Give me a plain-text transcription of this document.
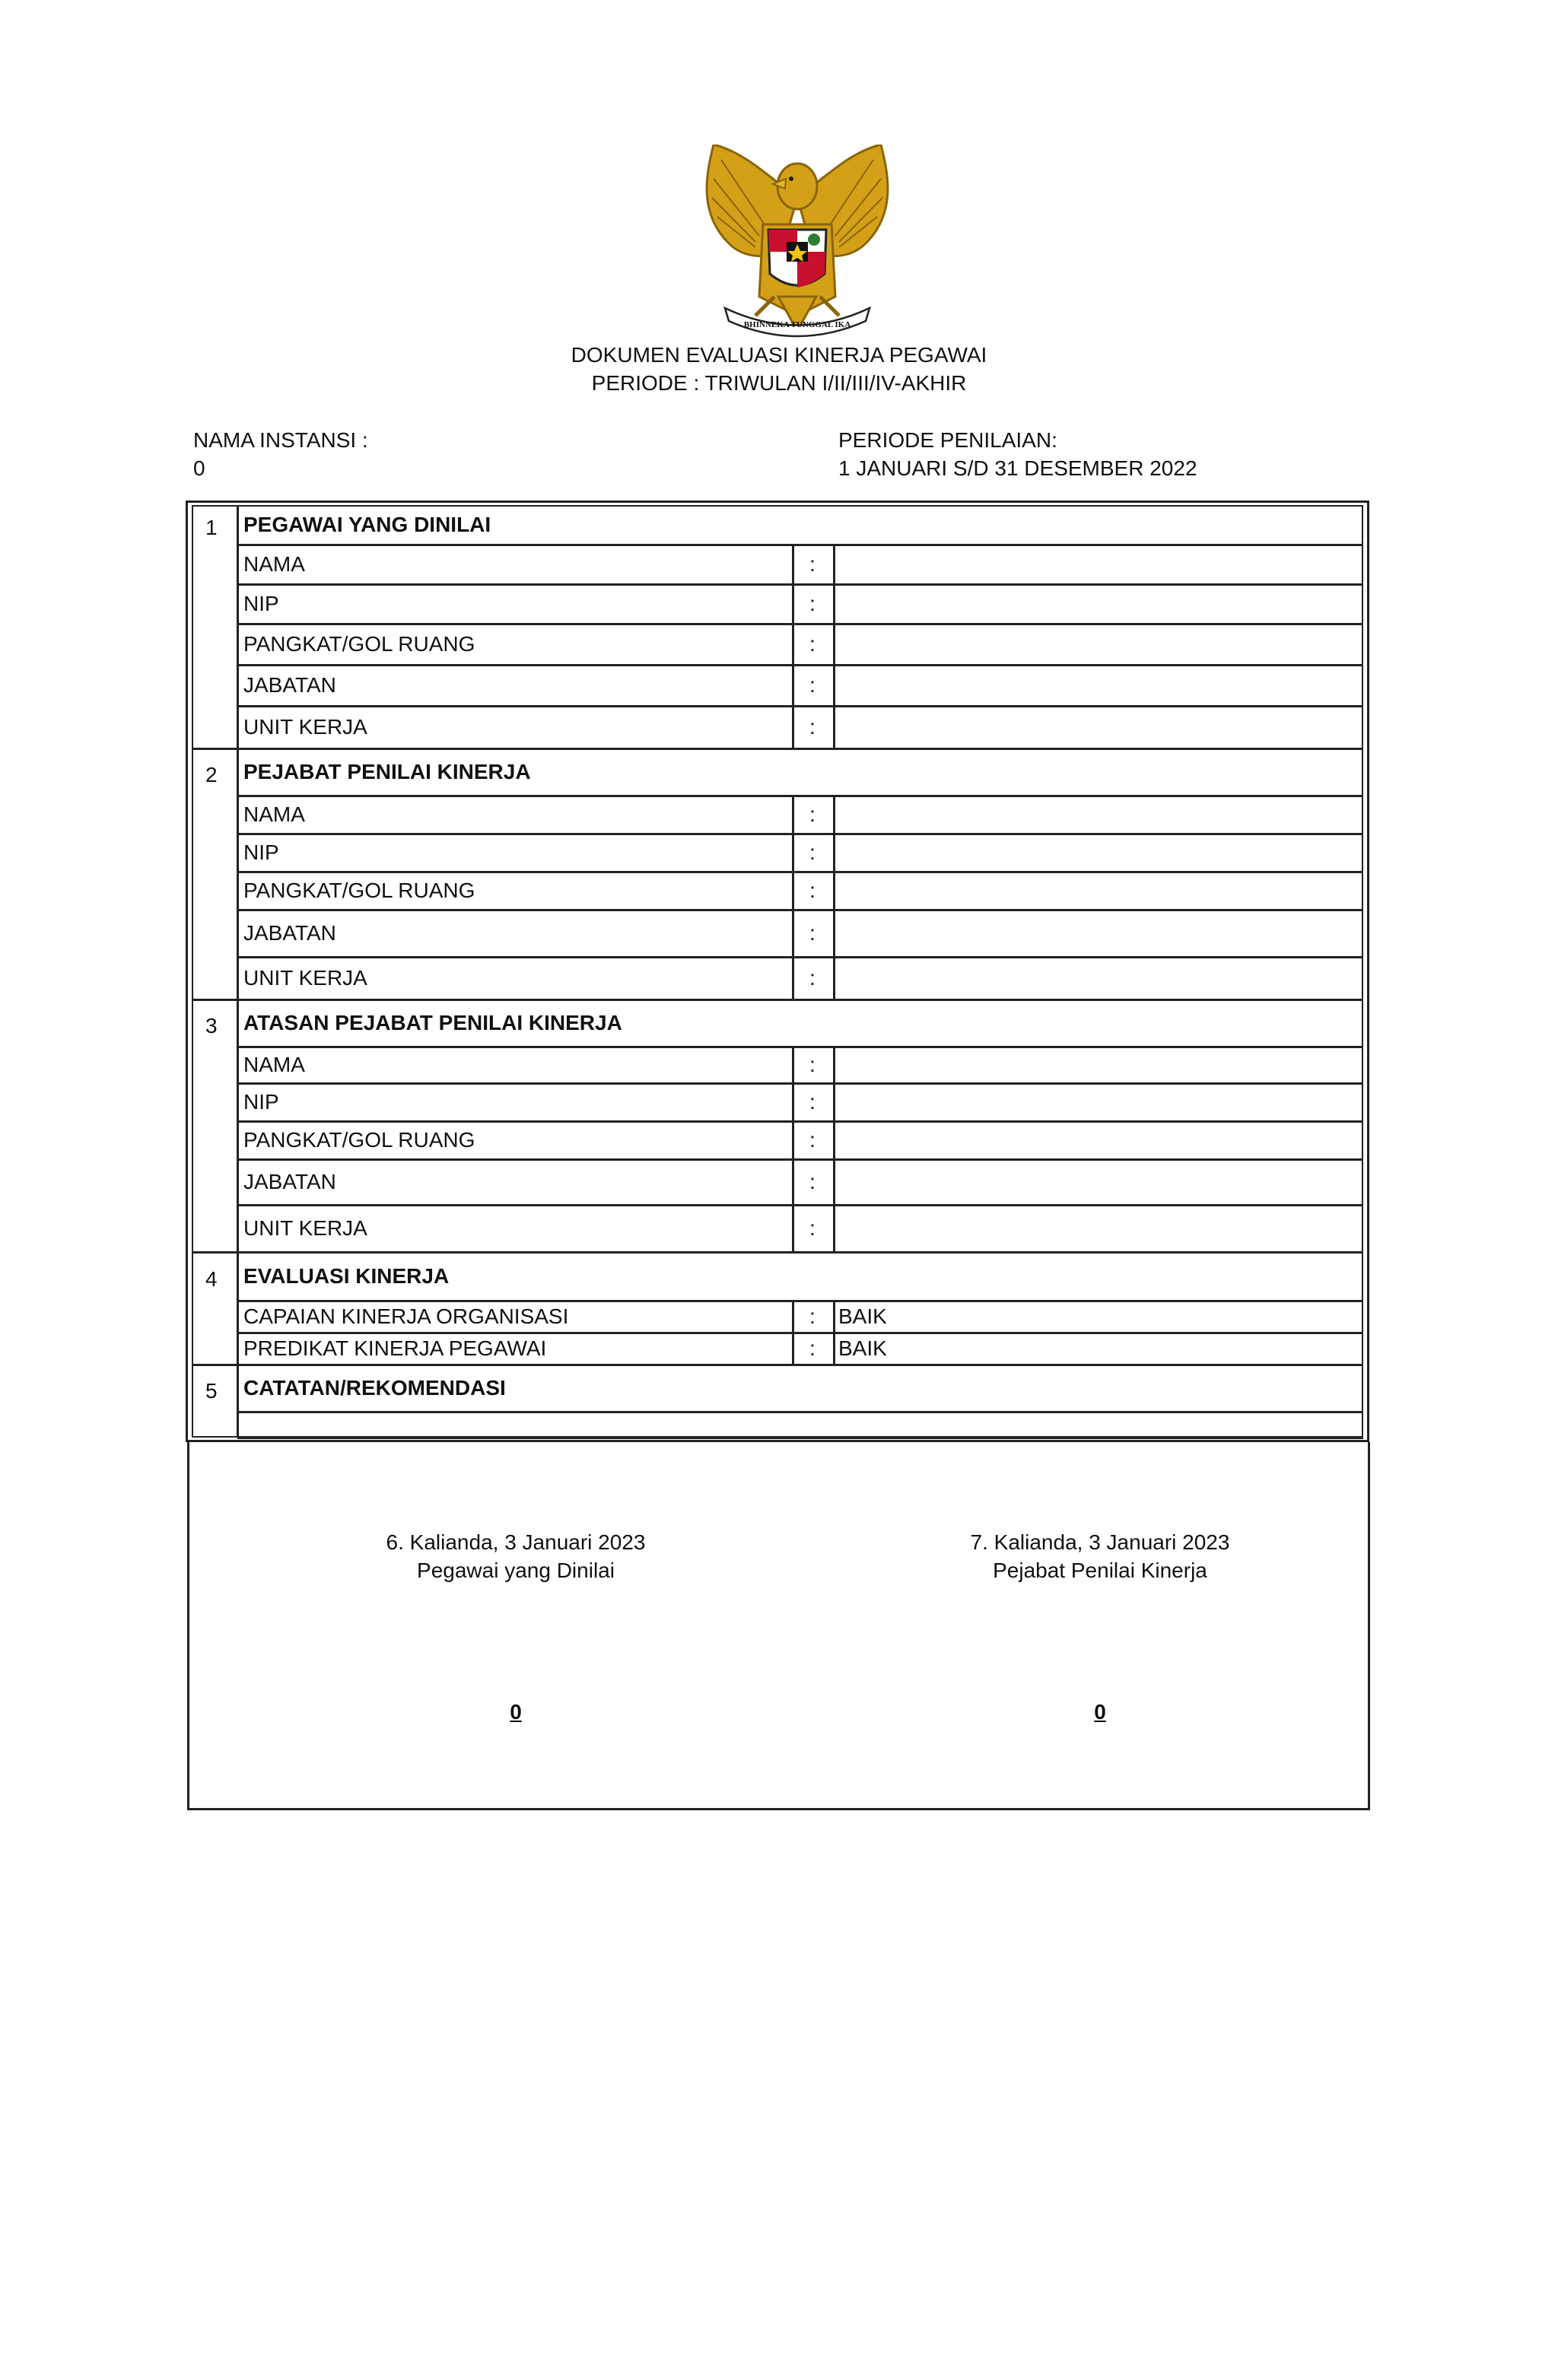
BHINNEKA TUNGGAL IKA
DOKUMEN EVALUASI KINERJA PEGAWAI
PERIODE : TRIWULAN I/II/III/IV-AKHIR
NAMA INSTANSI :
0
PERIODE PENILAIAN:
1 JANUARI S/D 31 DESEMBER 2022
1 PEGAWAI YANG DINILAI
NAMA	:
NIP	:
PANGKAT/GOL RUANG	:
JABATAN	:
UNIT KERJA	:
2 PEJABAT PENILAI KINERJA
NAMA	:
NIP	:
PANGKAT/GOL RUANG	:
JABATAN	:
UNIT KERJA	:
3 ATASAN PEJABAT PENILAI KINERJA
NAMA	:
NIP	:
PANGKAT/GOL RUANG	:
JABATAN	:
UNIT KERJA	:
4 EVALUASI KINERJA
CAPAIAN KINERJA ORGANISASI	: BAIK
PREDIKAT KINERJA PEGAWAI	: BAIK
5 CATATAN/REKOMENDASI
6. Kalianda, 3 Januari 2023
Pegawai yang Dinilai
0
7. Kalianda, 3 Januari 2023
Pejabat Penilai Kinerja
0
